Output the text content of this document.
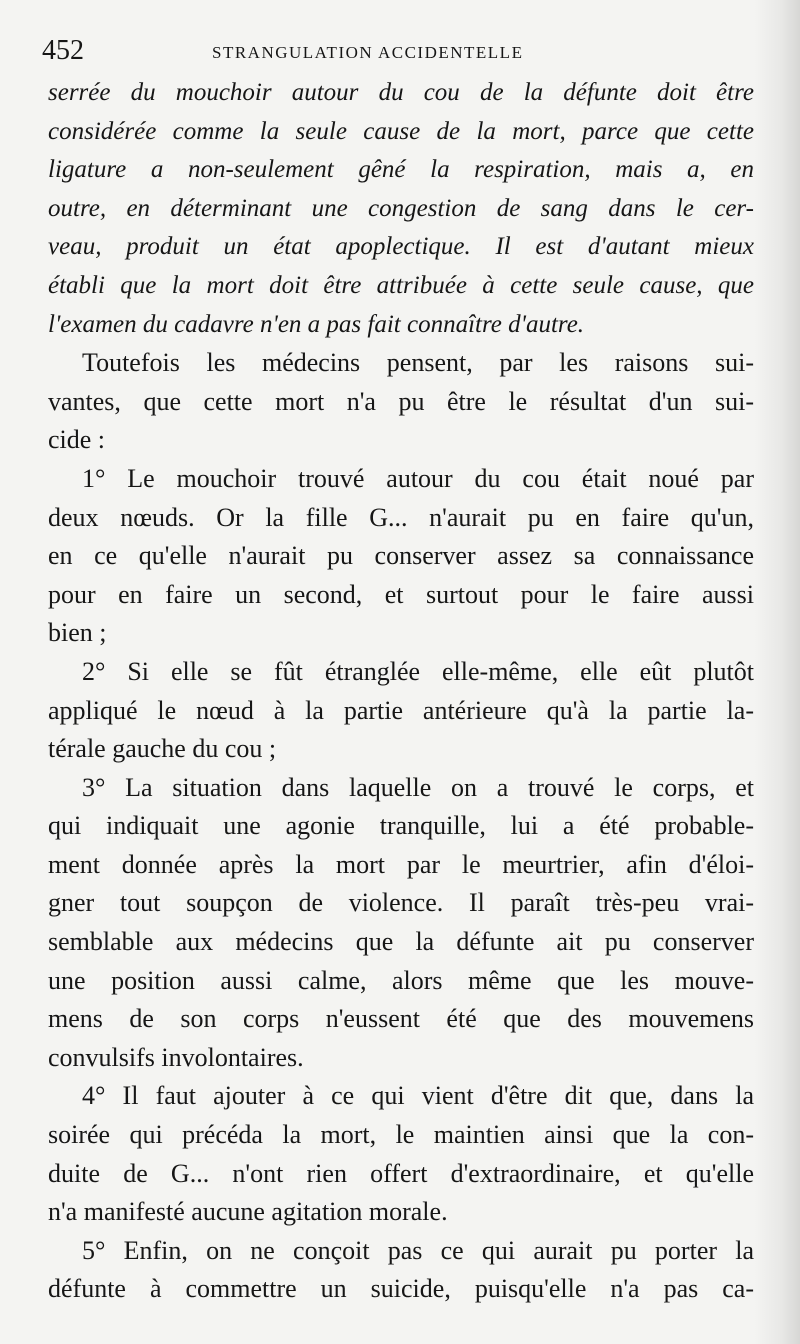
452	STRANGULATION ACCIDENTELLE
serrée du mouchoir autour du cou de la défunte doit être
considérée comme la seule cause de la mort, parce que cette
ligature a non-seulement gêné la respiration, mais a, en
outre, en déterminant une congestion de sang dans le cer-
veau, produit un état apoplectique. Il est d'autant mieux
établi que la mort doit être attribuée à cette seule cause, que
l'examen du cadavre n'en a pas fait connaître d'autre.
Toutefois les médecins pensent, par les raisons sui-
vantes, que cette mort n'a pu être le résultat d'un sui-
cide :
1° Le mouchoir trouvé autour du cou était noué par
deux nœuds. Or la fille G... n'aurait pu en faire qu'un,
en ce qu'elle n'aurait pu conserver assez sa connaissance
pour en faire un second, et surtout pour le faire aussi
bien ;
2° Si elle se fût étranglée elle-même, elle eût plutôt
appliqué le nœud à la partie antérieure qu'à la partie la-
térale gauche du cou ;
3° La situation dans laquelle on a trouvé le corps, et
qui indiquait une agonie tranquille, lui a été probable-
ment donnée après la mort par le meurtrier, afin d'éloi-
gner tout soupçon de violence. Il paraît très-peu vrai-
semblable aux médecins que la défunte ait pu conserver
une position aussi calme, alors même que les mouve-
mens de son corps n'eussent été que des mouvemens
convulsifs involontaires.
4° Il faut ajouter à ce qui vient d'être dit que, dans la
soirée qui précéda la mort, le maintien ainsi que la con-
duite de G... n'ont rien offert d'extraordinaire, et qu'elle
n'a manifesté aucune agitation morale.
5° Enfin, on ne conçoit pas ce qui aurait pu porter la
défunte à commettre un suicide, puisqu'elle n'a pas ca-
